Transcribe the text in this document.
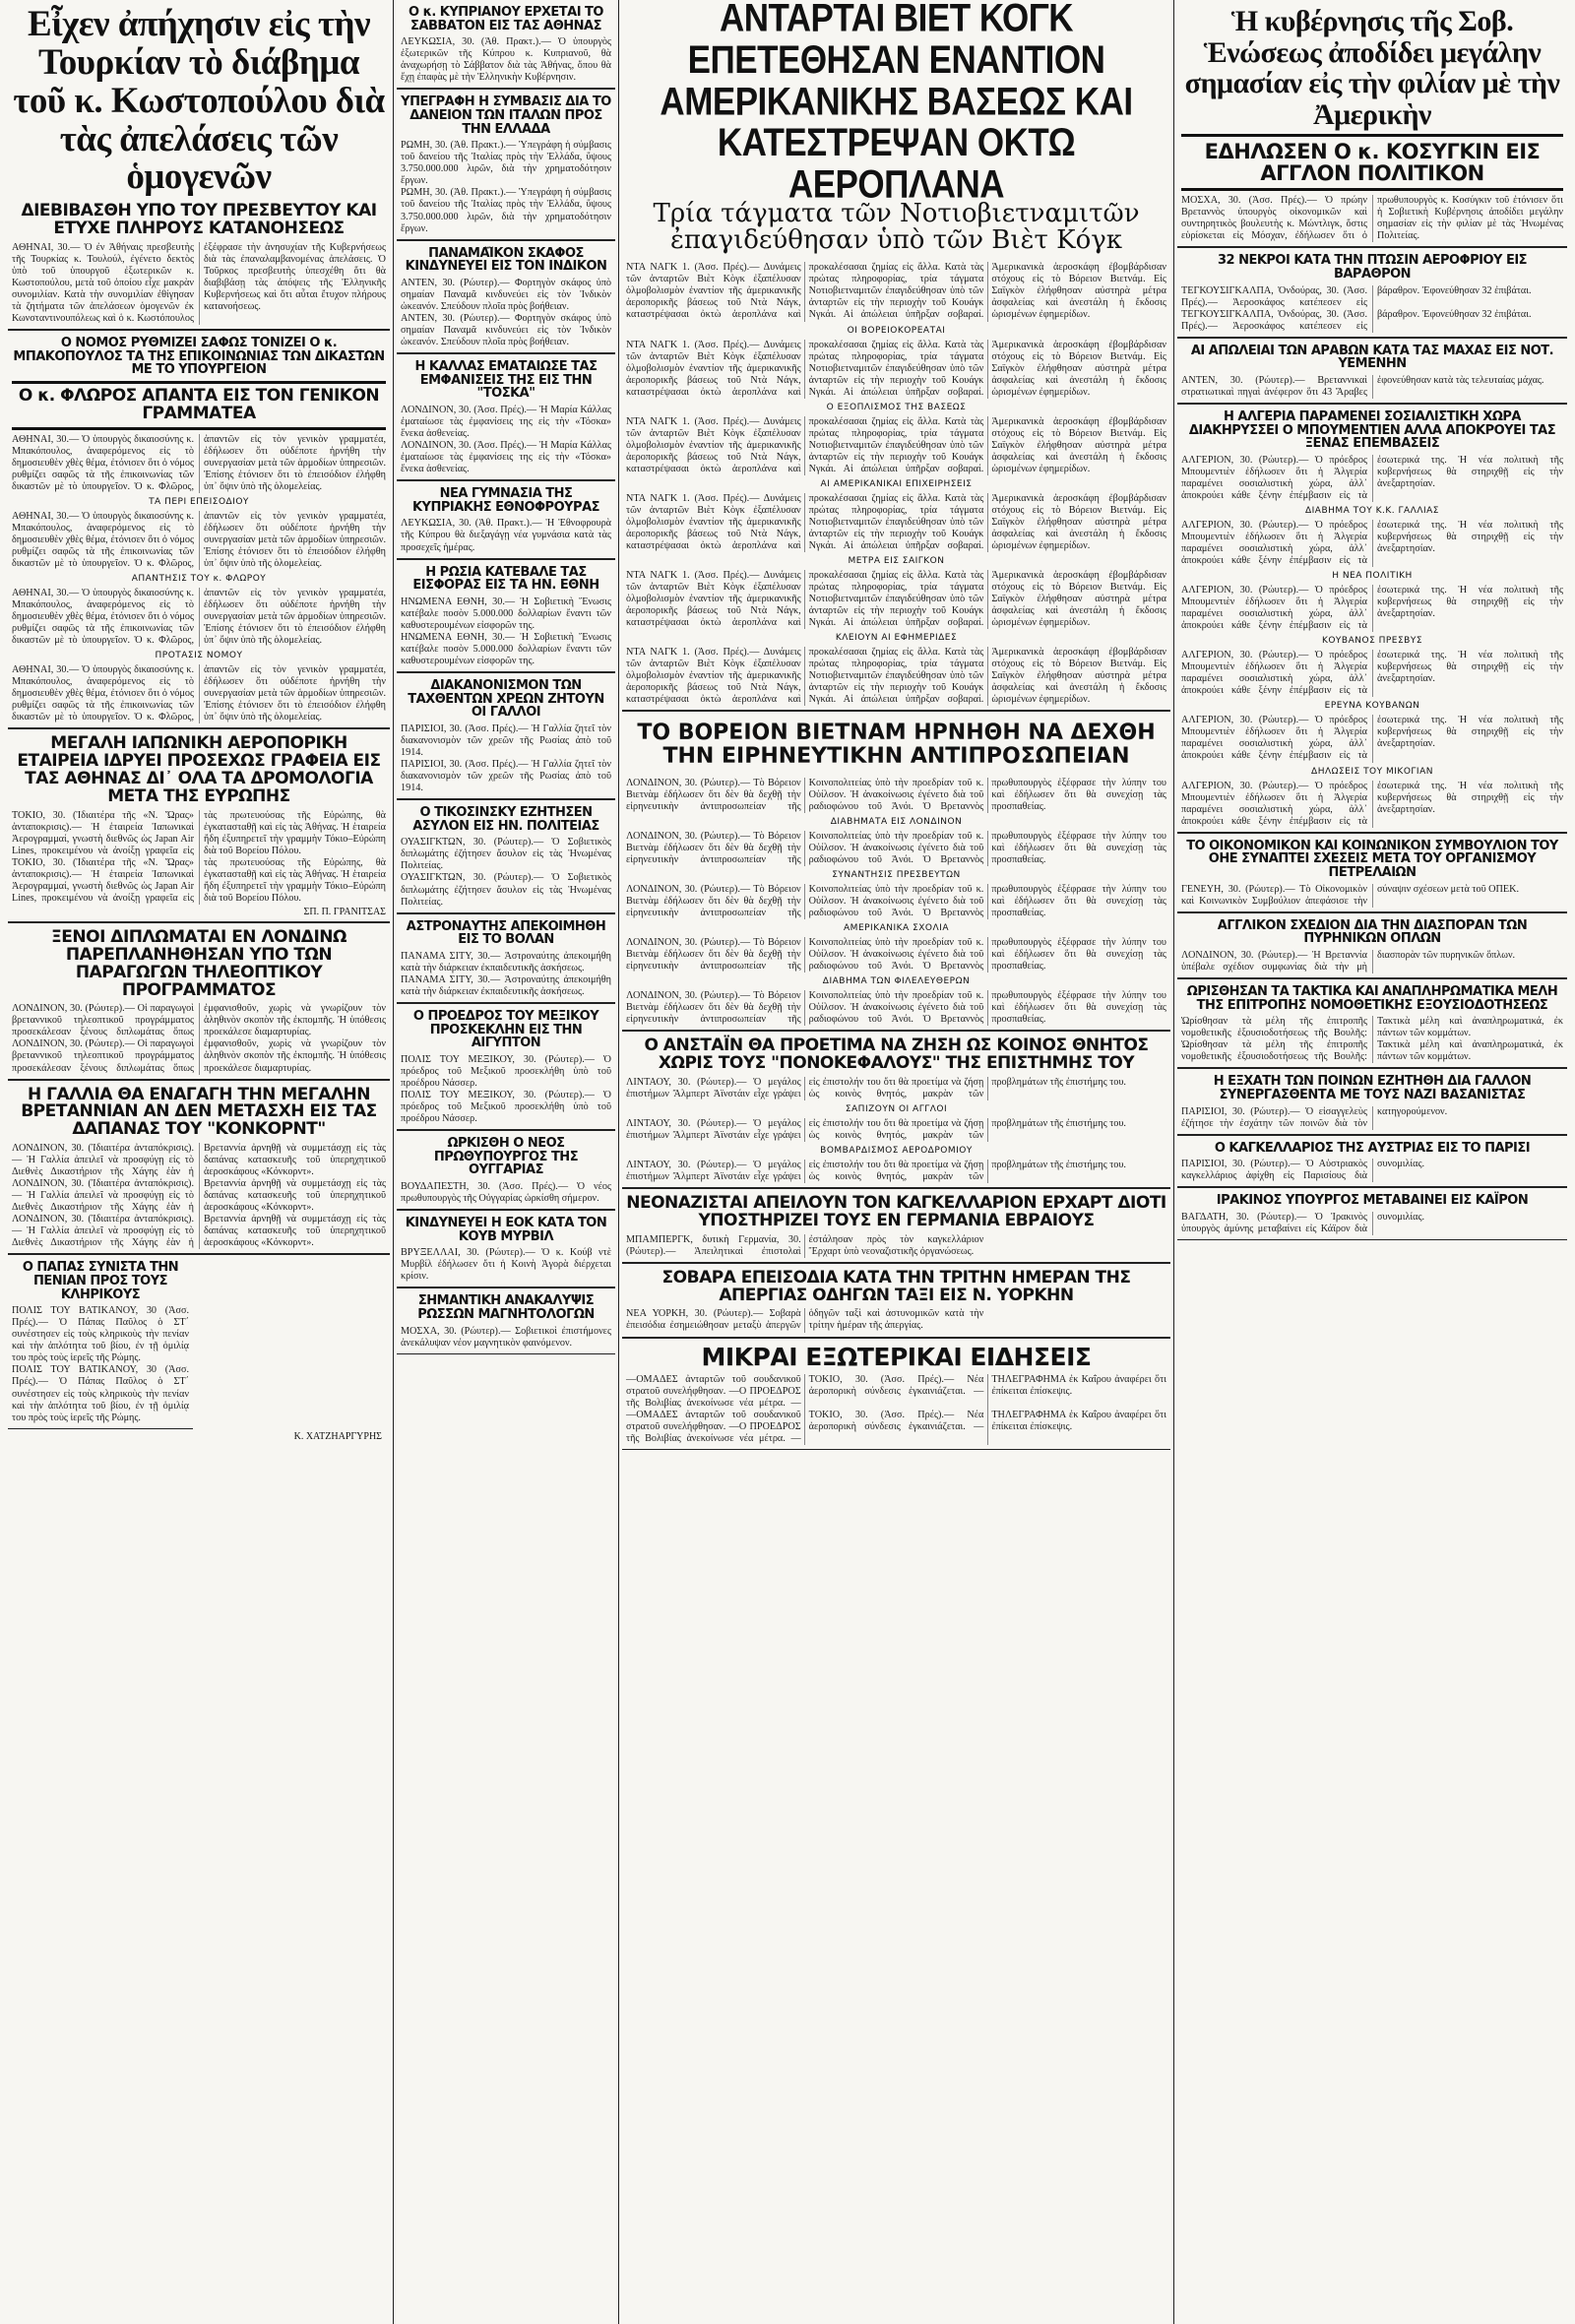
Εἶχεν ἀπήχησιν εἰς τὴν Τουρκίαν τὸ διάβημα τοῦ κ. Κωστοπούλου διὰ τὰς ἀπελάσεις τῶν ὁμογενῶν
ΔΙΕΒΙΒΑΣΘΗ ΥΠΟ ΤΟΥ ΠΡΕΣΒΕΥΤΟΥ ΚΑΙ ΕΤΥΧΕ ΠΛΗΡΟΥΣ ΚΑΤΑΝΟΗΣΕΩΣ

ΑΘΗΝΑΙ, 30.— Ὁ ἐν Ἀθήναις πρεσβευτὴς τῆς Τουρκίας κ. Τουλούλ, ἐγένετο δεκτὸς ὑπὸ τοῦ ὑπουργοῦ ἐξωτερικῶν κ. Κωστοπούλου, μετὰ τοῦ ὁποίου εἶχε μακρὰν συνομιλίαν. Κατὰ τὴν συνομιλίαν ἐθίγησαν τὰ ζητήματα τῶν ἀπελάσεων ὁμογενῶν ἐκ Κωνσταντινουπόλεως καὶ ὁ κ. Κωστόπουλος ἐξέφρασε τὴν ἀνησυχίαν τῆς Κυβερνήσεως διὰ τὰς ἐπαναλαμβανομένας ἀπελάσεις. Ὁ Τοῦρκος πρεσβευτὴς ὑπεσχέθη ὅτι θὰ διαβιβάσῃ τὰς ἀπόψεις τῆς Ἑλληνικῆς Κυβερνήσεως καὶ ὅτι αὗται ἔτυχον πλήρους κατανοήσεως.

Ο ΝΟΜΟΣ ΡΥΘΜΙΖΕΙ ΣΑΦΩΣ ΤΟΝΙΖΕΙ Ο κ. ΜΠΑΚΟΠΟΥΛΟΣ ΤΑ ΤΗΣ ΕΠΙΚΟΙΝΩΝΙΑΣ ΤΩΝ ΔΙΚΑΣΤΩΝ ΜΕ ΤΟ ΥΠΟΥΡΓΕΙΟΝ
Ο κ. ΦΛΩΡΟΣ ΑΠΑΝΤΑ ΕΙΣ ΤΟΝ ΓΕΝΙΚΟΝ ΓΡΑΜΜΑΤΕΑ

ΑΘΗΝΑΙ, 30.— Ὁ ὑπουργὸς δικαιοσύνης κ. Μπακόπουλος, ἀναφερόμενος εἰς τὸ δημοσιευθὲν χθὲς θέμα, ἐτόνισεν ὅτι ὁ νόμος ρυθμίζει σαφῶς τὰ τῆς ἐπικοινωνίας τῶν δικαστῶν μὲ τὸ ὑπουργεῖον. Ὁ κ. Φλῶρος, ἀπαντῶν εἰς τὸν γενικὸν γραμματέα, ἐδήλωσεν ὅτι οὐδέποτε ἠρνήθη τὴν συνεργασίαν μετὰ τῶν ἁρμοδίων ὑπηρεσιῶν. Ἐπίσης ἐτόνισεν ὅτι τὸ ἐπεισόδιον ἐλήφθη ὑπ᾽ ὄψιν ὑπὸ τῆς ὁλομελείας.

ΤΑ ΠΕΡΙ ΕΠΕΙΣΟΔΙΟΥ

ΑΘΗΝΑΙ, 30.— Ὁ ὑπουργὸς δικαιοσύνης κ. Μπακόπουλος, ἀναφερόμενος εἰς τὸ δημοσιευθὲν χθὲς θέμα, ἐτόνισεν ὅτι ὁ νόμος ρυθμίζει σαφῶς τὰ τῆς ἐπικοινωνίας τῶν δικαστῶν μὲ τὸ ὑπουργεῖον. Ὁ κ. Φλῶρος, ἀπαντῶν εἰς τὸν γενικὸν γραμματέα, ἐδήλωσεν ὅτι οὐδέποτε ἠρνήθη τὴν συνεργασίαν μετὰ τῶν ἁρμοδίων ὑπηρεσιῶν. Ἐπίσης ἐτόνισεν ὅτι τὸ ἐπεισόδιον ἐλήφθη ὑπ᾽ ὄψιν ὑπὸ τῆς ὁλομελείας.

ΑΠΑΝΤΗΣΙΣ ΤΟΥ κ. ΦΛΩΡΟΥ

ΑΘΗΝΑΙ, 30.— Ὁ ὑπουργὸς δικαιοσύνης κ. Μπακόπουλος, ἀναφερόμενος εἰς τὸ δημοσιευθὲν χθὲς θέμα, ἐτόνισεν ὅτι ὁ νόμος ρυθμίζει σαφῶς τὰ τῆς ἐπικοινωνίας τῶν δικαστῶν μὲ τὸ ὑπουργεῖον. Ὁ κ. Φλῶρος, ἀπαντῶν εἰς τὸν γενικὸν γραμματέα, ἐδήλωσεν ὅτι οὐδέποτε ἠρνήθη τὴν συνεργασίαν μετὰ τῶν ἁρμοδίων ὑπηρεσιῶν. Ἐπίσης ἐτόνισεν ὅτι τὸ ἐπεισόδιον ἐλήφθη ὑπ᾽ ὄψιν ὑπὸ τῆς ὁλομελείας.

ΠΡΟΤΑΣΙΣ ΝΟΜΟΥ

ΑΘΗΝΑΙ, 30.— Ὁ ὑπουργὸς δικαιοσύνης κ. Μπακόπουλος, ἀναφερόμενος εἰς τὸ δημοσιευθὲν χθὲς θέμα, ἐτόνισεν ὅτι ὁ νόμος ρυθμίζει σαφῶς τὰ τῆς ἐπικοινωνίας τῶν δικαστῶν μὲ τὸ ὑπουργεῖον. Ὁ κ. Φλῶρος, ἀπαντῶν εἰς τὸν γενικὸν γραμματέα, ἐδήλωσεν ὅτι οὐδέποτε ἠρνήθη τὴν συνεργασίαν μετὰ τῶν ἁρμοδίων ὑπηρεσιῶν. Ἐπίσης ἐτόνισεν ὅτι τὸ ἐπεισόδιον ἐλήφθη ὑπ᾽ ὄψιν ὑπὸ τῆς ὁλομελείας.

ΜΕΓΑΛΗ ΙΑΠΩΝΙΚΗ ΑΕΡΟΠΟΡΙΚΗ ΕΤΑΙΡΕΙΑ ΙΔΡΥΕΙ ΠΡΟΣΕΧΩΣ ΓΡΑΦΕΙΑ ΕΙΣ ΤΑΣ ΑΘΗΝΑΣ ΔΙ᾽ ΟΛΑ ΤΑ ΔΡΟΜΟΛΟΓΙΑ ΜΕΤΑ ΤΗΣ ΕΥΡΩΠΗΣ

ΤΟΚΙΟ, 30. (Ἰδιαιτέρα τῆς «Ν. Ὥρας» ἀνταποκρισις).— Ἡ ἑταιρεία Ἰαπωνικαὶ Ἀερογραμμαί, γνωστὴ διεθνῶς ὡς Japan Air Lines, προκειμένου νὰ ἀνοίξῃ γραφεῖα εἰς τὰς πρωτευούσας τῆς Εὐρώπης, θὰ ἐγκατασταθῇ καὶ εἰς τὰς Ἀθήνας. Ἡ ἑταιρεία ἤδη ἐξυπηρετεῖ τὴν γραμμὴν Τόκιο–Εὐρώπη διὰ τοῦ Βορείου Πόλου.

ΤΟΚΙΟ, 30. (Ἰδιαιτέρα τῆς «Ν. Ὥρας» ἀνταποκρισις).— Ἡ ἑταιρεία Ἰαπωνικαὶ Ἀερογραμμαί, γνωστὴ διεθνῶς ὡς Japan Air Lines, προκειμένου νὰ ἀνοίξῃ γραφεῖα εἰς τὰς πρωτευούσας τῆς Εὐρώπης, θὰ ἐγκατασταθῇ καὶ εἰς τὰς Ἀθήνας. Ἡ ἑταιρεία ἤδη ἐξυπηρετεῖ τὴν γραμμὴν Τόκιο–Εὐρώπη διὰ τοῦ Βορείου Πόλου.

ΣΠ. Π. ΓΡΑΝΙΤΣΑΣ
ΞΕΝΟΙ ΔΙΠΛΩΜΑΤΑΙ ΕΝ ΛΟΝΔΙΝΩ ΠΑΡΕΠΛΑΝΗΘΗΣΑΝ ΥΠΟ ΤΩΝ ΠΑΡΑΓΩΓΩΝ ΤΗΛΕΟΠΤΙΚΟΥ ΠΡΟΓΡΑΜΜΑΤΟΣ

ΛΟΝΔΙΝΟΝ, 30. (Ρώυτερ).— Οἱ παραγωγοὶ βρεταννικοῦ τηλεοπτικοῦ προγράμματος προσεκάλεσαν ξένους διπλωμάτας ὅπως ἐμφανισθοῦν, χωρὶς νὰ γνωρίζουν τὸν ἀληθινὸν σκοπὸν τῆς ἐκπομπῆς. Ἡ ὑπόθεσις προεκάλεσε διαμαρτυρίας.

ΛΟΝΔΙΝΟΝ, 30. (Ρώυτερ).— Οἱ παραγωγοὶ βρεταννικοῦ τηλεοπτικοῦ προγράμματος προσεκάλεσαν ξένους διπλωμάτας ὅπως ἐμφανισθοῦν, χωρὶς νὰ γνωρίζουν τὸν ἀληθινὸν σκοπὸν τῆς ἐκπομπῆς. Ἡ ὑπόθεσις προεκάλεσε διαμαρτυρίας.

Η ΓΑΛΛΙΑ ΘΑ ΕΝΑΓΑΓΗ ΤΗΝ ΜΕΓΑΛΗΝ ΒΡΕΤΑΝΝΙΑΝ ΑΝ ΔΕΝ ΜΕΤΑΣΧΗ ΕΙΣ ΤΑΣ ΔΑΠΑΝΑΣ ΤΟΥ "ΚΟΝΚΟΡΝΤ"

ΛΟΝΔΙΝΟΝ, 30. (Ἰδιαιτέρα ἀνταπόκρισις).— Ἡ Γαλλία ἀπειλεῖ νὰ προσφύγῃ εἰς τὸ Διεθνὲς Δικαστήριον τῆς Χάγης ἐὰν ἡ Βρεταννία ἀρνηθῇ νὰ συμμετάσχῃ εἰς τὰς δαπάνας κατασκευῆς τοῦ ὑπερηχητικοῦ ἀεροσκάφους «Κόνκορντ».

ΛΟΝΔΙΝΟΝ, 30. (Ἰδιαιτέρα ἀνταπόκρισις).— Ἡ Γαλλία ἀπειλεῖ νὰ προσφύγῃ εἰς τὸ Διεθνὲς Δικαστήριον τῆς Χάγης ἐὰν ἡ Βρεταννία ἀρνηθῇ νὰ συμμετάσχῃ εἰς τὰς δαπάνας κατασκευῆς τοῦ ὑπερηχητικοῦ ἀεροσκάφους «Κόνκορντ».

ΛΟΝΔΙΝΟΝ, 30. (Ἰδιαιτέρα ἀνταπόκρισις).— Ἡ Γαλλία ἀπειλεῖ νὰ προσφύγῃ εἰς τὸ Διεθνὲς Δικαστήριον τῆς Χάγης ἐὰν ἡ Βρεταννία ἀρνηθῇ νὰ συμμετάσχῃ εἰς τὰς δαπάνας κατασκευῆς τοῦ ὑπερηχητικοῦ ἀεροσκάφους «Κόνκορντ».

Ο ΠΑΠΑΣ ΣΥΝΙΣΤΑ ΤΗΝ ΠΕΝΙΑΝ ΠΡΟΣ ΤΟΥΣ ΚΛΗΡΙΚΟΥΣ

ΠΟΛΙΣ ΤΟΥ ΒΑΤΙΚΑΝΟΥ, 30 (Ἀσσ. Πρές).— Ὁ Πάπας Παῦλος ὁ ΣΤ΄ συνέστησεν εἰς τοὺς κληρικοὺς τὴν πενίαν καὶ τὴν ἀπλότητα τοῦ βίου, ἐν τῇ ὁμιλίᾳ του πρὸς τοὺς ἱερεῖς τῆς Ρώμης.

ΠΟΛΙΣ ΤΟΥ ΒΑΤΙΚΑΝΟΥ, 30 (Ἀσσ. Πρές).— Ὁ Πάπας Παῦλος ὁ ΣΤ΄ συνέστησεν εἰς τοὺς κληρικοὺς τὴν πενίαν καὶ τὴν ἀπλότητα τοῦ βίου, ἐν τῇ ὁμιλίᾳ του πρὸς τοὺς ἱερεῖς τῆς Ρώμης.

Κ. ΧΑΤΖΗΑΡΓΥΡΗΣ
Ο κ. ΚΥΠΡΙΑΝΟΥ ΕΡΧΕΤΑΙ ΤΟ ΣΑΒΒΑΤΟΝ ΕΙΣ ΤΑΣ ΑΘΗΝΑΣ

ΛΕΥΚΩΣΙΑ, 30. (Ἀθ. Πρακτ.).— Ὁ ὑπουργὸς ἐξωτερικῶν τῆς Κύπρου κ. Κυπριανοῦ, θὰ ἀναχωρήσῃ τὸ Σάββατον διὰ τὰς Ἀθήνας, ὅπου θὰ ἔχῃ ἐπαφὰς μὲ τὴν Ἑλληνικὴν Κυβέρνησιν.

ΥΠΕΓΡΑΦΗ Η ΣΥΜΒΑΣΙΣ ΔΙΑ ΤΟ ΔΑΝΕΙΟΝ ΤΩΝ ΙΤΑΛΩΝ ΠΡΟΣ ΤΗΝ ΕΛΛΑΔΑ

ΡΩΜΗ, 30. (Ἀθ. Πρακτ.).— Ὑπεγράφη ἡ σύμβασις τοῦ δανείου τῆς Ἰταλίας πρὸς τὴν Ἑλλάδα, ὕψους 3.750.000.000 λιρῶν, διὰ τὴν χρηματοδότησιν ἔργων.

ΡΩΜΗ, 30. (Ἀθ. Πρακτ.).— Ὑπεγράφη ἡ σύμβασις τοῦ δανείου τῆς Ἰταλίας πρὸς τὴν Ἑλλάδα, ὕψους 3.750.000.000 λιρῶν, διὰ τὴν χρηματοδότησιν ἔργων.

ΠΑΝΑΜΑ͂Ι͂ΚΟΝ ΣΚΑΦΟΣ ΚΙΝΔΥΝΕΥΕΙ ΕΙΣ ΤΟΝ ΙΝΔΙΚΟΝ

ΑΝΤΕΝ, 30. (Ρώυτερ).— Φορτηγὸν σκάφος ὑπὸ σημαίαν Παναμᾶ κινδυνεύει εἰς τὸν Ἰνδικὸν ὠκεανόν. Σπεύδουν πλοῖα πρὸς βοήθειαν.

ΑΝΤΕΝ, 30. (Ρώυτερ).— Φορτηγὸν σκάφος ὑπὸ σημαίαν Παναμᾶ κινδυνεύει εἰς τὸν Ἰνδικὸν ὠκεανόν. Σπεύδουν πλοῖα πρὸς βοήθειαν.

Η ΚΑΛΛΑΣ ΕΜΑΤΑΙΩΣΕ ΤΑΣ ΕΜΦΑΝΙΣΕΙΣ ΤΗΣ ΕΙΣ ΤΗΝ "ΤΟΣΚΑ"

ΛΟΝΔΙΝΟΝ, 30. (Ἀσσ. Πρές).— Ἡ Μαρία Κάλλας ἐματαίωσε τὰς ἐμφανίσεις της εἰς τὴν «Τόσκα» ἕνεκα ἀσθενείας.

ΛΟΝΔΙΝΟΝ, 30. (Ἀσσ. Πρές).— Ἡ Μαρία Κάλλας ἐματαίωσε τὰς ἐμφανίσεις της εἰς τὴν «Τόσκα» ἕνεκα ἀσθενείας.

ΝΕΑ ΓΥΜΝΑΣΙΑ ΤΗΣ ΚΥΠΡΙΑΚΗΣ ΕΘΝΟΦΡΟΥΡΑΣ

ΛΕΥΚΩΣΙΑ, 30. (Ἀθ. Πρακτ.).— Ἡ Ἐθνοφρουρὰ τῆς Κύπρου θὰ διεξαγάγῃ νέα γυμνάσια κατὰ τὰς προσεχεῖς ἡμέρας.

Η ΡΩΣΙΑ ΚΑΤΕΒΑΛΕ ΤΑΣ ΕΙΣΦΟΡΑΣ ΕΙΣ ΤΑ ΗΝ. ΕΘΝΗ

ΗΝΩΜΕΝΑ ΕΘΝΗ, 30.— Ἡ Σοβιετικὴ Ἕνωσις κατέβαλε ποσὸν 5.000.000 δολλαρίων ἔναντι τῶν καθυστερουμένων εἰσφορῶν της.

ΗΝΩΜΕΝΑ ΕΘΝΗ, 30.— Ἡ Σοβιετικὴ Ἕνωσις κατέβαλε ποσὸν 5.000.000 δολλαρίων ἔναντι τῶν καθυστερουμένων εἰσφορῶν της.

ΔΙΑΚΑΝΟΝΙΣΜΟΝ ΤΩΝ ΤΑΧΘΕΝΤΩΝ ΧΡΕΩΝ ΖΗΤΟΥΝ ΟΙ ΓΑΛΛΟΙ

ΠΑΡΙΣΙΟΙ, 30. (Ἀσσ. Πρές).— Ἡ Γαλλία ζητεῖ τὸν διακανονισμὸν τῶν χρεῶν τῆς Ρωσίας ἀπὸ τοῦ 1914.

ΠΑΡΙΣΙΟΙ, 30. (Ἀσσ. Πρές).— Ἡ Γαλλία ζητεῖ τὸν διακανονισμὸν τῶν χρεῶν τῆς Ρωσίας ἀπὸ τοῦ 1914.

Ο ΤΙΚΟΣΙΝΣΚΥ ΕΖΗΤΗΣΕΝ ΑΣΥΛΟΝ ΕΙΣ ΗΝ. ΠΟΛΙΤΕΙΑΣ

ΟΥΑΣΙΓΚΤΩΝ, 30. (Ρώυτερ).— Ὁ Σοβιετικὸς διπλωμάτης ἐζήτησεν ἄσυλον εἰς τὰς Ἡνωμένας Πολιτείας.

ΟΥΑΣΙΓΚΤΩΝ, 30. (Ρώυτερ).— Ὁ Σοβιετικὸς διπλωμάτης ἐζήτησεν ἄσυλον εἰς τὰς Ἡνωμένας Πολιτείας.

ΑΣΤΡΟΝΑΥΤΗΣ ΑΠΕΚΟΙΜΗΘΗ ΕΙΣ ΤΟ ΒΟΛΑΝ

ΠΑΝΑΜΑ ΣΙΤΥ, 30.— Ἀστροναύτης ἀπεκοιμήθη κατὰ τὴν διάρκειαν ἐκπαιδευτικῆς ἀσκήσεως.

ΠΑΝΑΜΑ ΣΙΤΥ, 30.— Ἀστροναύτης ἀπεκοιμήθη κατὰ τὴν διάρκειαν ἐκπαιδευτικῆς ἀσκήσεως.

Ο ΠΡΟΕΔΡΟΣ ΤΟΥ ΜΕΞΙΚΟΥ ΠΡΟΣΚΕΚΛΗΝ ΕΙΣ ΤΗΝ ΑΙΓΥΠΤΟΝ

ΠΟΛΙΣ ΤΟΥ ΜΕΞΙΚΟΥ, 30. (Ρώυτερ).— Ὁ πρόεδρος τοῦ Μεξικοῦ προσεκλήθη ὑπὸ τοῦ προέδρου Νάσσερ.

ΠΟΛΙΣ ΤΟΥ ΜΕΞΙΚΟΥ, 30. (Ρώυτερ).— Ὁ πρόεδρος τοῦ Μεξικοῦ προσεκλήθη ὑπὸ τοῦ προέδρου Νάσσερ.

ΩΡΚΙΣΘΗ Ο ΝΕΟΣ ΠΡΩΘΥΠΟΥΡΓΟΣ ΤΗΣ ΟΥΓΓΑΡΙΑΣ

ΒΟΥΔΑΠΕΣΤΗ, 30. (Ἀσσ. Πρές).— Ὁ νέος πρωθυπουργὸς τῆς Οὐγγαρίας ὡρκίσθη σήμερον.

ΚΙΝΔΥΝΕΥΕΙ Η ΕΟΚ ΚΑΤΑ ΤΟΝ ΚΟΥΒ ΜΥΡΒΙΛ

ΒΡΥΞΕΛΛΑΙ, 30. (Ρώυτερ).— Ὁ κ. Κούβ ντὲ Μυρβίλ ἐδήλωσεν ὅτι ἡ Κοινὴ Ἀγορὰ διέρχεται κρίσιν.

ΣΗΜΑΝΤΙΚΗ ΑΝΑΚΑΛΥΨΙΣ ΡΩΣΣΩΝ ΜΑΓΝΗΤΟΛΟΓΩΝ

ΜΟΣΧΑ, 30. (Ρώυτερ).— Σοβιετικοὶ ἐπιστήμονες ἀνεκάλυψαν νέον μαγνητικὸν φαινόμενον.

ΑΝΤΑΡΤΑΙ ΒΙΕΤ ΚΟΓΚ ΕΠΕΤΕΘΗΣΑΝ ΕΝΑΝΤΙΟΝ ΑΜΕΡΙΚΑΝΙΚΗΣ ΒΑΣΕΩΣ ΚΑΙ ΚΑΤΕΣΤΡΕΨΑΝ ΟΚΤΩ ΑΕΡΟΠΛΑΝΑ
Τρία τάγματα τῶν Νοτιοβιετναμιτῶν ἐπαγιδεύθησαν ὑπὸ τῶν Βιὲτ Κόγκ

ΝΤΑ ΝΑΓΚ 1. (Ἀσσ. Πρές).— Δυνάμεις τῶν ἀνταρτῶν Βιὲτ Κὸγκ ἐξαπέλυσαν ὀλμοβολισμὸν ἐναντίον τῆς ἀμερικανικῆς ἀεροπορικῆς βάσεως τοῦ Ντὰ Νάγκ, καταστρέψασαι ὀκτὼ ἀεροπλάνα καὶ προκαλέσασαι ζημίας εἰς ἄλλα. Κατὰ τὰς πρώτας πληροφορίας, τρία τάγματα Νοτιοβιετναμιτῶν ἐπαγιδεύθησαν ὑπὸ τῶν ἀνταρτῶν εἰς τὴν περιοχὴν τοῦ Κουάγκ Νγκάι. Αἱ ἀπώλειαι ὑπῆρξαν σοβαραί. Ἀμερικανικὰ ἀεροσκάφη ἐβομβάρδισαν στόχους εἰς τὸ Βόρειον Βιετνάμ. Εἰς Σαϊγκὸν ἐλήφθησαν αὐστηρὰ μέτρα ἀσφαλείας καὶ ἀνεστάλη ἡ ἔκδοσις ὡρισμένων ἐφημερίδων.

ΟΙ ΒΟΡΕΙΟΚΟΡΕΑΤΑΙ

ΝΤΑ ΝΑΓΚ 1. (Ἀσσ. Πρές).— Δυνάμεις τῶν ἀνταρτῶν Βιὲτ Κὸγκ ἐξαπέλυσαν ὀλμοβολισμὸν ἐναντίον τῆς ἀμερικανικῆς ἀεροπορικῆς βάσεως τοῦ Ντὰ Νάγκ, καταστρέψασαι ὀκτὼ ἀεροπλάνα καὶ προκαλέσασαι ζημίας εἰς ἄλλα. Κατὰ τὰς πρώτας πληροφορίας, τρία τάγματα Νοτιοβιετναμιτῶν ἐπαγιδεύθησαν ὑπὸ τῶν ἀνταρτῶν εἰς τὴν περιοχὴν τοῦ Κουάγκ Νγκάι. Αἱ ἀπώλειαι ὑπῆρξαν σοβαραί. Ἀμερικανικὰ ἀεροσκάφη ἐβομβάρδισαν στόχους εἰς τὸ Βόρειον Βιετνάμ. Εἰς Σαϊγκὸν ἐλήφθησαν αὐστηρὰ μέτρα ἀσφαλείας καὶ ἀνεστάλη ἡ ἔκδοσις ὡρισμένων ἐφημερίδων.

Ο ΕΞΟΠΛΙΣΜΟΣ ΤΗΣ ΒΑΣΕΩΣ

ΝΤΑ ΝΑΓΚ 1. (Ἀσσ. Πρές).— Δυνάμεις τῶν ἀνταρτῶν Βιὲτ Κὸγκ ἐξαπέλυσαν ὀλμοβολισμὸν ἐναντίον τῆς ἀμερικανικῆς ἀεροπορικῆς βάσεως τοῦ Ντὰ Νάγκ, καταστρέψασαι ὀκτὼ ἀεροπλάνα καὶ προκαλέσασαι ζημίας εἰς ἄλλα. Κατὰ τὰς πρώτας πληροφορίας, τρία τάγματα Νοτιοβιετναμιτῶν ἐπαγιδεύθησαν ὑπὸ τῶν ἀνταρτῶν εἰς τὴν περιοχὴν τοῦ Κουάγκ Νγκάι. Αἱ ἀπώλειαι ὑπῆρξαν σοβαραί. Ἀμερικανικὰ ἀεροσκάφη ἐβομβάρδισαν στόχους εἰς τὸ Βόρειον Βιετνάμ. Εἰς Σαϊγκὸν ἐλήφθησαν αὐστηρὰ μέτρα ἀσφαλείας καὶ ἀνεστάλη ἡ ἔκδοσις ὡρισμένων ἐφημερίδων.

ΑΙ ΑΜΕΡΙΚΑΝΙΚΑΙ ΕΠΙΧΕΙΡΗΣΕΙΣ

ΝΤΑ ΝΑΓΚ 1. (Ἀσσ. Πρές).— Δυνάμεις τῶν ἀνταρτῶν Βιὲτ Κὸγκ ἐξαπέλυσαν ὀλμοβολισμὸν ἐναντίον τῆς ἀμερικανικῆς ἀεροπορικῆς βάσεως τοῦ Ντὰ Νάγκ, καταστρέψασαι ὀκτὼ ἀεροπλάνα καὶ προκαλέσασαι ζημίας εἰς ἄλλα. Κατὰ τὰς πρώτας πληροφορίας, τρία τάγματα Νοτιοβιετναμιτῶν ἐπαγιδεύθησαν ὑπὸ τῶν ἀνταρτῶν εἰς τὴν περιοχὴν τοῦ Κουάγκ Νγκάι. Αἱ ἀπώλειαι ὑπῆρξαν σοβαραί. Ἀμερικανικὰ ἀεροσκάφη ἐβομβάρδισαν στόχους εἰς τὸ Βόρειον Βιετνάμ. Εἰς Σαϊγκὸν ἐλήφθησαν αὐστηρὰ μέτρα ἀσφαλείας καὶ ἀνεστάλη ἡ ἔκδοσις ὡρισμένων ἐφημερίδων.

ΜΕΤΡΑ ΕΙΣ ΣΑΙΓΚΟΝ

ΝΤΑ ΝΑΓΚ 1. (Ἀσσ. Πρές).— Δυνάμεις τῶν ἀνταρτῶν Βιὲτ Κὸγκ ἐξαπέλυσαν ὀλμοβολισμὸν ἐναντίον τῆς ἀμερικανικῆς ἀεροπορικῆς βάσεως τοῦ Ντὰ Νάγκ, καταστρέψασαι ὀκτὼ ἀεροπλάνα καὶ προκαλέσασαι ζημίας εἰς ἄλλα. Κατὰ τὰς πρώτας πληροφορίας, τρία τάγματα Νοτιοβιετναμιτῶν ἐπαγιδεύθησαν ὑπὸ τῶν ἀνταρτῶν εἰς τὴν περιοχὴν τοῦ Κουάγκ Νγκάι. Αἱ ἀπώλειαι ὑπῆρξαν σοβαραί. Ἀμερικανικὰ ἀεροσκάφη ἐβομβάρδισαν στόχους εἰς τὸ Βόρειον Βιετνάμ. Εἰς Σαϊγκὸν ἐλήφθησαν αὐστηρὰ μέτρα ἀσφαλείας καὶ ἀνεστάλη ἡ ἔκδοσις ὡρισμένων ἐφημερίδων.

ΚΛΕΙΟΥΝ ΑΙ ΕΦΗΜΕΡΙΔΕΣ

ΝΤΑ ΝΑΓΚ 1. (Ἀσσ. Πρές).— Δυνάμεις τῶν ἀνταρτῶν Βιὲτ Κὸγκ ἐξαπέλυσαν ὀλμοβολισμὸν ἐναντίον τῆς ἀμερικανικῆς ἀεροπορικῆς βάσεως τοῦ Ντὰ Νάγκ, καταστρέψασαι ὀκτὼ ἀεροπλάνα καὶ προκαλέσασαι ζημίας εἰς ἄλλα. Κατὰ τὰς πρώτας πληροφορίας, τρία τάγματα Νοτιοβιετναμιτῶν ἐπαγιδεύθησαν ὑπὸ τῶν ἀνταρτῶν εἰς τὴν περιοχὴν τοῦ Κουάγκ Νγκάι. Αἱ ἀπώλειαι ὑπῆρξαν σοβαραί. Ἀμερικανικὰ ἀεροσκάφη ἐβομβάρδισαν στόχους εἰς τὸ Βόρειον Βιετνάμ. Εἰς Σαϊγκὸν ἐλήφθησαν αὐστηρὰ μέτρα ἀσφαλείας καὶ ἀνεστάλη ἡ ἔκδοσις ὡρισμένων ἐφημερίδων.

ΤΟ ΒΟΡΕΙΟΝ ΒΙΕΤΝΑΜ ΗΡΝΗΘΗ ΝΑ ΔΕΧΘΗ ΤΗΝ ΕΙΡΗΝΕΥΤΙΚΗΝ ΑΝΤΙΠΡΟΣΩΠΕΙΑΝ

ΛΟΝΔΙΝΟΝ, 30. (Ρώυτερ).— Τὸ Βόρειον Βιετνὰμ ἐδήλωσεν ὅτι δὲν θὰ δεχθῇ τὴν εἰρηνευτικὴν ἀντιπροσωπείαν τῆς Κοινοπολιτείας ὑπὸ τὴν προεδρίαν τοῦ κ. Οὐίλσον. Ἡ ἀνακοίνωσις ἐγένετο διὰ τοῦ ραδιοφώνου τοῦ Ἀνόι. Ὁ Βρεταννὸς πρωθυπουργὸς ἐξέφρασε τὴν λύπην του καὶ ἐδήλωσεν ὅτι θὰ συνεχίσῃ τὰς προσπαθείας.

ΔΙΑΒΗΜΑΤΑ ΕΙΣ ΛΟΝΔΙΝΟΝ

ΛΟΝΔΙΝΟΝ, 30. (Ρώυτερ).— Τὸ Βόρειον Βιετνὰμ ἐδήλωσεν ὅτι δὲν θὰ δεχθῇ τὴν εἰρηνευτικὴν ἀντιπροσωπείαν τῆς Κοινοπολιτείας ὑπὸ τὴν προεδρίαν τοῦ κ. Οὐίλσον. Ἡ ἀνακοίνωσις ἐγένετο διὰ τοῦ ραδιοφώνου τοῦ Ἀνόι. Ὁ Βρεταννὸς πρωθυπουργὸς ἐξέφρασε τὴν λύπην του καὶ ἐδήλωσεν ὅτι θὰ συνεχίσῃ τὰς προσπαθείας.

ΣΥΝΑΝΤΗΣΙΣ ΠΡΕΣΒΕΥΤΩΝ

ΛΟΝΔΙΝΟΝ, 30. (Ρώυτερ).— Τὸ Βόρειον Βιετνὰμ ἐδήλωσεν ὅτι δὲν θὰ δεχθῇ τὴν εἰρηνευτικὴν ἀντιπροσωπείαν τῆς Κοινοπολιτείας ὑπὸ τὴν προεδρίαν τοῦ κ. Οὐίλσον. Ἡ ἀνακοίνωσις ἐγένετο διὰ τοῦ ραδιοφώνου τοῦ Ἀνόι. Ὁ Βρεταννὸς πρωθυπουργὸς ἐξέφρασε τὴν λύπην του καὶ ἐδήλωσεν ὅτι θὰ συνεχίσῃ τὰς προσπαθείας.

ΑΜΕΡΙΚΑΝΙΚΑ ΣΧΟΛΙΑ

ΛΟΝΔΙΝΟΝ, 30. (Ρώυτερ).— Τὸ Βόρειον Βιετνὰμ ἐδήλωσεν ὅτι δὲν θὰ δεχθῇ τὴν εἰρηνευτικὴν ἀντιπροσωπείαν τῆς Κοινοπολιτείας ὑπὸ τὴν προεδρίαν τοῦ κ. Οὐίλσον. Ἡ ἀνακοίνωσις ἐγένετο διὰ τοῦ ραδιοφώνου τοῦ Ἀνόι. Ὁ Βρεταννὸς πρωθυπουργὸς ἐξέφρασε τὴν λύπην του καὶ ἐδήλωσεν ὅτι θὰ συνεχίσῃ τὰς προσπαθείας.

ΔΙΑΒΗΜΑ ΤΩΝ ΦΙΛΕΛΕΥΘΕΡΩΝ

ΛΟΝΔΙΝΟΝ, 30. (Ρώυτερ).— Τὸ Βόρειον Βιετνὰμ ἐδήλωσεν ὅτι δὲν θὰ δεχθῇ τὴν εἰρηνευτικὴν ἀντιπροσωπείαν τῆς Κοινοπολιτείας ὑπὸ τὴν προεδρίαν τοῦ κ. Οὐίλσον. Ἡ ἀνακοίνωσις ἐγένετο διὰ τοῦ ραδιοφώνου τοῦ Ἀνόι. Ὁ Βρεταννὸς πρωθυπουργὸς ἐξέφρασε τὴν λύπην του καὶ ἐδήλωσεν ὅτι θὰ συνεχίσῃ τὰς προσπαθείας.

Ο ΑΝΣΤΑΪΝ ΘΑ ΠΡΟΕΤΙΜΑ ΝΑ ΖΗΣΗ ΩΣ ΚΟΙΝΟΣ ΘΝΗΤΟΣ ΧΩΡΙΣ ΤΟΥΣ "ΠΟΝΟΚΕΦΑΛΟΥΣ" ΤΗΣ ΕΠΙΣΤΗΜΗΣ ΤΟΥ

ΛΙΝΤΑΟΥ, 30. (Ρώυτερ).— Ὁ μεγάλος ἐπιστήμων Ἄλμπερτ Ἀϊνστάιν εἶχε γράψει εἰς ἐπιστολήν του ὅτι θὰ προετίμα νὰ ζήσῃ ὡς κοινὸς θνητός, μακρὰν τῶν προβλημάτων τῆς ἐπιστήμης του.

ΣΑΠΙΖΟΥΝ ΟΙ ΑΓΓΛΟΙ

ΛΙΝΤΑΟΥ, 30. (Ρώυτερ).— Ὁ μεγάλος ἐπιστήμων Ἄλμπερτ Ἀϊνστάιν εἶχε γράψει εἰς ἐπιστολήν του ὅτι θὰ προετίμα νὰ ζήσῃ ὡς κοινὸς θνητός, μακρὰν τῶν προβλημάτων τῆς ἐπιστήμης του.

ΒΟΜΒΑΡΔΙΣΜΟΣ ΑΕΡΟΔΡΟΜΙΟΥ

ΛΙΝΤΑΟΥ, 30. (Ρώυτερ).— Ὁ μεγάλος ἐπιστήμων Ἄλμπερτ Ἀϊνστάιν εἶχε γράψει εἰς ἐπιστολήν του ὅτι θὰ προετίμα νὰ ζήσῃ ὡς κοινὸς θνητός, μακρὰν τῶν προβλημάτων τῆς ἐπιστήμης του.

ΝΕΟΝΑΖΙΣΤΑΙ ΑΠΕΙΛΟΥΝ ΤΟΝ ΚΑΓΚΕΛΛΑΡΙΟΝ ΕΡΧΑΡΤ ΔΙΟΤΙ ΥΠΟΣΤΗΡΙΖΕΙ ΤΟΥΣ ΕΝ ΓΕΡΜΑΝΙΑ ΕΒΡΑΙΟΥΣ

ΜΠΑΜΠΕΡΓΚ, δυτικὴ Γερμανία, 30. (Ρώυτερ).— Ἀπειλητικαὶ ἐπιστολαὶ ἐστάλησαν πρὸς τὸν καγκελλάριον Ἔρχαρτ ὑπὸ νεοναζιστικῆς ὀργανώσεως.

ΣΟΒΑΡΑ ΕΠΕΙΣΟΔΙΑ ΚΑΤΑ ΤΗΝ ΤΡΙΤΗΝ ΗΜΕΡΑΝ ΤΗΣ ΑΠΕΡΓΙΑΣ ΟΔΗΓΩΝ ΤΑΞΙ ΕΙΣ Ν. ΥΟΡΚΗΝ

ΝΕΑ ΥΟΡΚΗ, 30. (Ρώυτερ).— Σοβαρὰ ἐπεισόδια ἐσημειώθησαν μεταξὺ ἀπεργῶν ὁδηγῶν ταξὶ καὶ ἀστυνομικῶν κατὰ τὴν τρίτην ἡμέραν τῆς ἀπεργίας.

ΜΙΚΡΑΙ ΕΞΩΤΕΡΙΚΑΙ ΕΙΔΗΣΕΙΣ

—ΟΜΑΔΕΣ ἀνταρτῶν τοῦ σουδανικοῦ στρατοῦ συνελήφθησαν. —Ο ΠΡΟΕΔΡΟΣ τῆς Βολιβίας ἀνεκοίνωσε νέα μέτρα. —ΤΟΚΙΟ, 30. (Ἀσσ. Πρές).— Νέα ἀεροπορικὴ σύνδεσις ἐγκαινιάζεται. —ΤΗΛΕΓΡΑΦΗΜΑ ἐκ Καΐρου ἀναφέρει ὅτι ἐπίκειται ἐπίσκεψις.

—ΟΜΑΔΕΣ ἀνταρτῶν τοῦ σουδανικοῦ στρατοῦ συνελήφθησαν. —Ο ΠΡΟΕΔΡΟΣ τῆς Βολιβίας ἀνεκοίνωσε νέα μέτρα. —ΤΟΚΙΟ, 30. (Ἀσσ. Πρές).— Νέα ἀεροπορικὴ σύνδεσις ἐγκαινιάζεται. —ΤΗΛΕΓΡΑΦΗΜΑ ἐκ Καΐρου ἀναφέρει ὅτι ἐπίκειται ἐπίσκεψις.

Ἡ κυβέρνησις τῆς Σοβ. Ἑνώσεως ἀποδίδει μεγάλην σημασίαν εἰς τὴν φιλίαν μὲ τὴν Ἀμερικὴν
ΕΔΗΛΩΣΕΝ Ο κ. ΚΟΣΥΓΚΙΝ ΕΙΣ ΑΓΓΛΟΝ ΠΟΛΙΤΙΚΟΝ

ΜΟΣΧΑ, 30. (Ἀσσ. Πρές).— Ὁ πρώην Βρεταννὸς ὑπουργὸς οἰκονομικῶν καὶ συντηρητικὸς βουλευτὴς κ. Μώντλιγκ, ὅστις εὑρίσκεται εἰς Μόσχαν, ἐδήλωσεν ὅτι ὁ πρωθυπουργὸς κ. Κοσύγκιν τοῦ ἐτόνισεν ὅτι ἡ Σοβιετικὴ Κυβέρνησις ἀποδίδει μεγάλην σημασίαν εἰς τὴν φιλίαν μὲ τὰς Ἡνωμένας Πολιτείας.

32 ΝΕΚΡΟΙ ΚΑΤΑ ΤΗΝ ΠΤΩΣΙΝ ΑΕΡΟΦΡΙΟΥ ΕΙΣ ΒΑΡΑΘΡΟΝ

ΤΕΓΚΟΥΣΙΓΚΑΛΠΑ, Ὁνδούρας, 30. (Ἀσσ. Πρές).— Ἀεροσκάφος κατέπεσεν εἰς βάραθρον. Ἐφονεύθησαν 32 ἐπιβάται.

ΤΕΓΚΟΥΣΙΓΚΑΛΠΑ, Ὁνδούρας, 30. (Ἀσσ. Πρές).— Ἀεροσκάφος κατέπεσεν εἰς βάραθρον. Ἐφονεύθησαν 32 ἐπιβάται.

ΑΙ ΑΠΩΛΕΙΑΙ ΤΩΝ ΑΡΑΒΩΝ ΚΑΤΑ ΤΑΣ ΜΑΧΑΣ ΕΙΣ ΝΟΤ. ΥΕΜΕΝΗΝ

ΑΝΤΕΝ, 30. (Ρώυτερ).— Βρεταννικαὶ στρατιωτικαὶ πηγαὶ ἀνέφερον ὅτι 43 Ἄραβες ἐφονεύθησαν κατὰ τὰς τελευταίας μάχας.

Η ΑΛΓΕΡΙΑ ΠΑΡΑΜΕΝΕΙ ΣΟΣΙΑΛΙΣΤΙΚΗ ΧΩΡΑ ΔΙΑΚΗΡΥΣΣΕΙ Ο ΜΠΟΥΜΕΝΤΙΕΝ ΑΛΛΑ ΑΠΟΚΡΟΥΕΙ ΤΑΣ ΞΕΝΑΣ ΕΠΕΜΒΑΣΕΙΣ

ΑΛΓΕΡΙΟΝ, 30. (Ρώυτερ).— Ὁ πρόεδρος Μπουμεντιὲν ἐδήλωσεν ὅτι ἡ Ἀλγερία παραμένει σοσιαλιστικὴ χώρα, ἀλλ᾽ ἀποκρούει κάθε ξένην ἐπέμβασιν εἰς τὰ ἐσωτερικά της. Ἡ νέα πολιτικὴ τῆς κυβερνήσεως θὰ στηριχθῇ εἰς τὴν ἀνεξαρτησίαν.

ΔΙΑΒΗΜΑ ΤΟΥ Κ.Κ. ΓΑΛΛΙΑΣ

ΑΛΓΕΡΙΟΝ, 30. (Ρώυτερ).— Ὁ πρόεδρος Μπουμεντιὲν ἐδήλωσεν ὅτι ἡ Ἀλγερία παραμένει σοσιαλιστικὴ χώρα, ἀλλ᾽ ἀποκρούει κάθε ξένην ἐπέμβασιν εἰς τὰ ἐσωτερικά της. Ἡ νέα πολιτικὴ τῆς κυβερνήσεως θὰ στηριχθῇ εἰς τὴν ἀνεξαρτησίαν.

Η ΝΕΑ ΠΟΛΙΤΙΚΗ

ΑΛΓΕΡΙΟΝ, 30. (Ρώυτερ).— Ὁ πρόεδρος Μπουμεντιὲν ἐδήλωσεν ὅτι ἡ Ἀλγερία παραμένει σοσιαλιστικὴ χώρα, ἀλλ᾽ ἀποκρούει κάθε ξένην ἐπέμβασιν εἰς τὰ ἐσωτερικά της. Ἡ νέα πολιτικὴ τῆς κυβερνήσεως θὰ στηριχθῇ εἰς τὴν ἀνεξαρτησίαν.

ΚΟΥΒΑΝΟΣ ΠΡΕΣΒΥΣ

ΑΛΓΕΡΙΟΝ, 30. (Ρώυτερ).— Ὁ πρόεδρος Μπουμεντιὲν ἐδήλωσεν ὅτι ἡ Ἀλγερία παραμένει σοσιαλιστικὴ χώρα, ἀλλ᾽ ἀποκρούει κάθε ξένην ἐπέμβασιν εἰς τὰ ἐσωτερικά της. Ἡ νέα πολιτικὴ τῆς κυβερνήσεως θὰ στηριχθῇ εἰς τὴν ἀνεξαρτησίαν.

ΕΡΕΥΝΑ ΚΟΥΒΑΝΩΝ

ΑΛΓΕΡΙΟΝ, 30. (Ρώυτερ).— Ὁ πρόεδρος Μπουμεντιὲν ἐδήλωσεν ὅτι ἡ Ἀλγερία παραμένει σοσιαλιστικὴ χώρα, ἀλλ᾽ ἀποκρούει κάθε ξένην ἐπέμβασιν εἰς τὰ ἐσωτερικά της. Ἡ νέα πολιτικὴ τῆς κυβερνήσεως θὰ στηριχθῇ εἰς τὴν ἀνεξαρτησίαν.

ΔΗΛΩΣΕΙΣ ΤΟΥ ΜΙΚΟΓΙΑΝ

ΑΛΓΕΡΙΟΝ, 30. (Ρώυτερ).— Ὁ πρόεδρος Μπουμεντιὲν ἐδήλωσεν ὅτι ἡ Ἀλγερία παραμένει σοσιαλιστικὴ χώρα, ἀλλ᾽ ἀποκρούει κάθε ξένην ἐπέμβασιν εἰς τὰ ἐσωτερικά της. Ἡ νέα πολιτικὴ τῆς κυβερνήσεως θὰ στηριχθῇ εἰς τὴν ἀνεξαρτησίαν.

ΤΟ ΟΙΚΟΝΟΜΙΚΟΝ ΚΑΙ ΚΟΙΝΩΝΙΚΟΝ ΣΥΜΒΟΥΛΙΟΝ ΤΟΥ ΟΗΕ ΣΥΝΑΠΤΕΙ ΣΧΕΣΕΙΣ ΜΕΤΑ ΤΟΥ ΟΡΓΑΝΙΣΜΟΥ ΠΕΤΡΕΛΑΙΩΝ

ΓΕΝΕΥΗ, 30. (Ρώυτερ).— Τὸ Οἰκονομικὸν καὶ Κοινωνικὸν Συμβούλιον ἀπεφάσισε τὴν σύναψιν σχέσεων μετὰ τοῦ ΟΠΕΚ.

ΑΓΓΛΙΚΟΝ ΣΧΕΔΙΟΝ ΔΙΑ ΤΗΝ ΔΙΑΣΠΟΡΑΝ ΤΩΝ ΠΥΡΗΝΙΚΩΝ ΟΠΛΩΝ

ΛΟΝΔΙΝΟΝ, 30. (Ρώυτερ).— Ἡ Βρεταννία ὑπέβαλε σχέδιον συμφωνίας διὰ τὴν μὴ διασπορὰν τῶν πυρηνικῶν ὅπλων.

ΩΡΙΣΘΗΣΑΝ ΤΑ ΤΑΚΤΙΚΑ ΚΑΙ ΑΝΑΠΛΗΡΩΜΑΤΙΚΑ ΜΕΛΗ ΤΗΣ ΕΠΙΤΡΟΠΗΣ ΝΟΜΟΘΕΤΙΚΗΣ ΕΞΟΥΣΙΟΔΟΤΗΣΕΩΣ

Ὡρίσθησαν τὰ μέλη τῆς ἐπιτροπῆς νομοθετικῆς ἐξουσιοδοτήσεως τῆς Βουλῆς: Τακτικὰ μέλη καὶ ἀναπληρωματικά, ἐκ πάντων τῶν κομμάτων.

Ὡρίσθησαν τὰ μέλη τῆς ἐπιτροπῆς νομοθετικῆς ἐξουσιοδοτήσεως τῆς Βουλῆς: Τακτικὰ μέλη καὶ ἀναπληρωματικά, ἐκ πάντων τῶν κομμάτων.

Η ΕΞΧΑΤΗ ΤΩΝ ΠΟΙΝΩΝ ΕΖΗΤΗΘΗ ΔΙΑ ΓΑΛΛΟΝ ΣΥΝΕΡΓΑΣΘΕΝΤΑ ΜΕ ΤΟΥΣ ΝΑΖΙ ΒΑΣΑΝΙΣΤΑΣ

ΠΑΡΙΣΙΟΙ, 30. (Ρώυτερ).— Ὁ εἰσαγγελεὺς ἐζήτησε τὴν ἐσχάτην τῶν ποινῶν διὰ τὸν κατηγορούμενον.

Ο ΚΑΓΚΕΛΛΑΡΙΟΣ ΤΗΣ ΑΥΣΤΡΙΑΣ ΕΙΣ ΤΟ ΠΑΡΙΣΙ

ΠΑΡΙΣΙΟΙ, 30. (Ρώυτερ).— Ὁ Αὐστριακὸς καγκελλάριος ἀφίχθη εἰς Παρισίους διὰ συνομιλίας.

ΙΡΑΚΙΝΟΣ ΥΠΟΥΡΓΟΣ ΜΕΤΑΒΑΙΝΕΙ ΕΙΣ ΚΑΪΡΟΝ

ΒΑΓΔΑΤΗ, 30. (Ρώυτερ).— Ὁ Ἰρακινὸς ὑπουργὸς ἀμύνης μεταβαίνει εἰς Κάϊρον διὰ συνομιλίας.
